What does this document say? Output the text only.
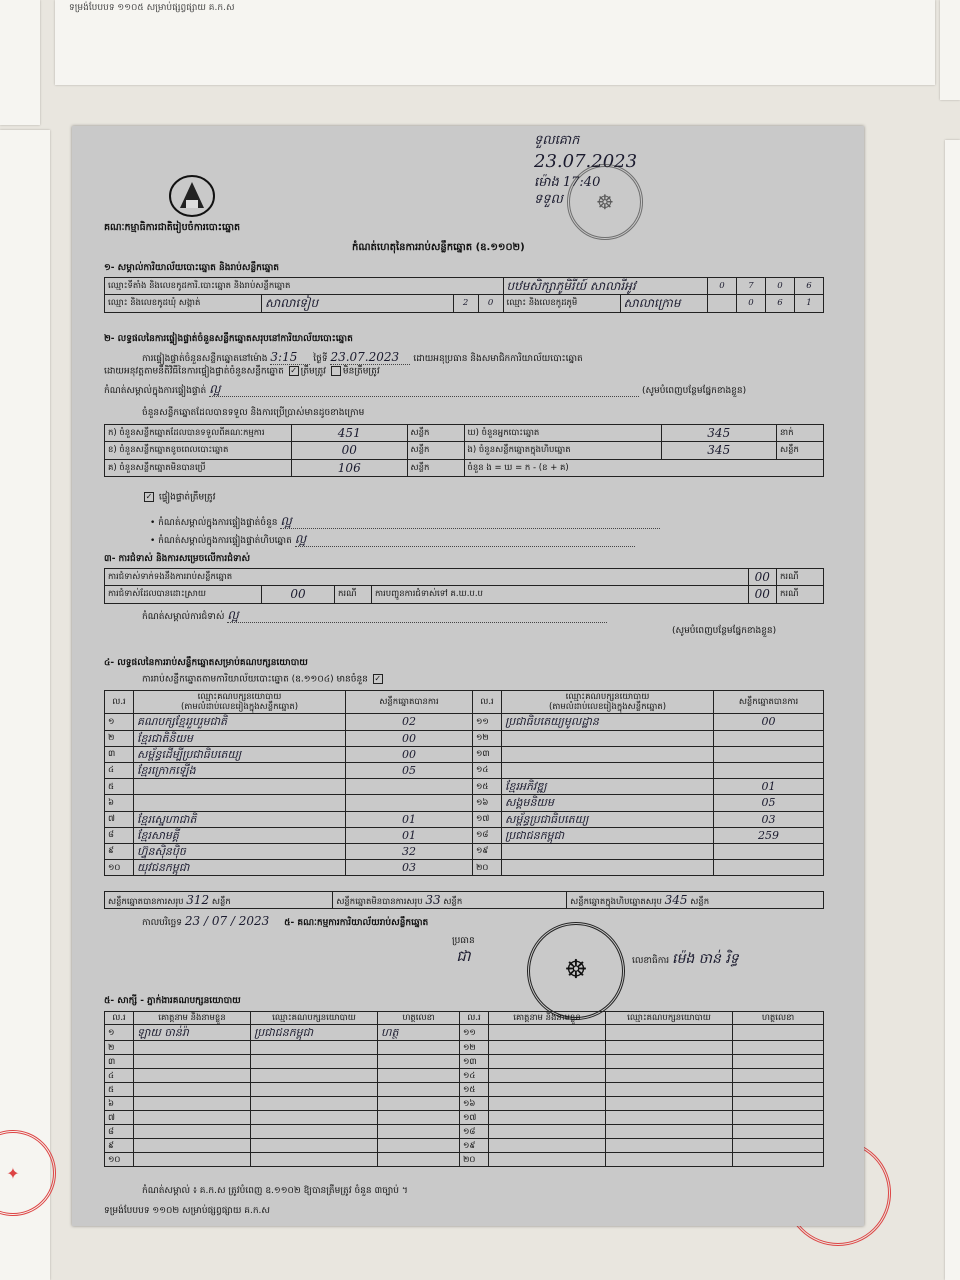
ទម្រង់បែបបទ ១១០៥ សម្រាប់ផ្សព្វផ្សាយ គ.ក.ស
✦
ទួលគោក
23.07.2023
ម៉ោង 17:40
ទទួល	☸
គណៈកម្មាធិការជាតិរៀបចំការបោះឆ្នោត
កំណត់ហេតុនៃការរាប់សន្លឹកឆ្នោត (ឧ.១១០២)
១- សម្គាល់ការិយាល័យបោះឆ្នោត និងរាប់សន្លឹកឆ្នោត
ឈ្មោះទីតាំង និងលេខកូដការិ.បោះឆ្នោត និងរាប់សន្លឹកឆ្នោត				បឋមសិក្សាភូមិរីយ៍ សាលារីអូវ		0	7	0	6
ឈ្មោះ និងលេខកូដឃុំ សង្កាត់	សាលាទៀប	2	0	ឈ្មោះ និងលេខកូដភូមិ	សាលាក្រោម		0	6	1
២- លទ្ធផលនៃការផ្ទៀងផ្ទាត់ចំនួនសន្លឹកឆ្នោតសរុបនៅការិយាល័យបោះឆ្នោត
ការផ្ទៀងផ្ទាត់ចំនួនសន្លឹកឆ្នោតនៅម៉ោង 3:15 ថ្ងៃទី 23.07.2023 ដោយអនុប្រធាន និងសមាជិកការិយាល័យបោះឆ្នោត
ដោយអនុវត្តតាមនីតិវិធីនៃការផ្ទៀងផ្ទាត់ចំនួនសន្លឹកឆ្នោត ✓ ត្រឹមត្រូវ មិនត្រឹមត្រូវ
កំណត់សម្គាល់ក្នុងការផ្ទៀងផ្ទាត់ ល្អ	(សូមបំពេញបន្ថែមផ្នែកខាងខ្លួន)
ចំនួនសន្លឹកឆ្នោតដែលបានទទួល និងការប្រើប្រាស់មានដូចខាងក្រោម
ក) ចំនួនសន្លឹកឆ្នោតដែលបានទទួលពីគណៈកម្មការ	451	សន្លឹក	ឃ) ចំនួនអ្នកបោះឆ្នោត	345	នាក់
ខ) ចំនួនសន្លឹកឆ្នោតខូចពេលបោះឆ្នោត	00	សន្លឹក	ង) ចំនួនសន្លឹកឆ្នោតក្នុងហិបឆ្នោត	345	សន្លឹក
គ) ចំនួនសន្លឹកឆ្នោតមិនបានប្រើ	106	សន្លឹក	ចំនួន ង = ឃ = ក - (ខ + គ)		
✓ ផ្ទៀងផ្ទាត់ត្រឹមត្រូវ
• កំណត់សម្គាល់ក្នុងការផ្ទៀងផ្ទាត់ចំនួន ល្អ
• កំណត់សម្គាល់ក្នុងការផ្ទៀងផ្ទាត់ហិបឆ្នោត ល្អ
៣- ការជំទាស់ និងការសម្រេចលើការជំទាស់
ការជំទាស់ទាក់ទងនឹងការរាប់សន្លឹកឆ្នោត				00	ករណី
ការជំទាស់ដែលបានដោះស្រាយ	00	ករណី	ការបញ្ជូនការជំទាស់ទៅ គ.ឃ.ប.ប	00	ករណី
កំណត់សម្គាល់ការជំទាស់ ល្អ
(សូមបំពេញបន្ថែមផ្នែកខាងខ្លួន)
៤- លទ្ធផលនៃការរាប់សន្លឹកឆ្នោតសម្រាប់គណបក្សនយោបាយ
ការរាប់សន្លឹកឆ្នោតតាមការិយាល័យបោះឆ្នោត (ឧ.១១០៤) មានចំនួន ✓
ល.រ	ឈ្មោះគណបក្សនយោបាយ
(តាមលំដាប់លេខរៀងក្នុងសន្លឹកឆ្នោត)	សន្លឹកឆ្នោតបានការ	ល.រ	ឈ្មោះគណបក្សនយោបាយ
(តាមលំដាប់លេខរៀងក្នុងសន្លឹកឆ្នោត)	សន្លឹកឆ្នោតបានការ
១	គណបក្សខ្មែររួបរួមជាតិ	02	១១	ប្រជាធិបតេយ្យមូលដ្ឋាន	00
២	ខ្មែរជាតិនិយម	00	១២		
៣	សម្ព័ន្ធដើម្បីប្រជាធិបតេយ្យ	00	១៣		
៤	ខ្មែរក្រោកឡើង	05	១៤		
៥			១៥	ខ្មែរអភិវឌ្ឍ	01
៦			១៦	សង្គមនិយម	05
៧	ខ្មែរស្នេហាជាតិ	01	១៧	សម្ព័ន្ធប្រជាធិបតេយ្យ	03
៨	ខ្មែរសាមគ្គី	01	១៨	ប្រជាជនកម្ពុជា	259
៩	ហ្វ៊ុនស៊ិនប៉ិច	32	១៩		
១០	យុវជនកម្ពុជា	03	២០		
សន្លឹកឆ្នោតបានការសរុប 312 សន្លឹក	សន្លឹកឆ្នោតមិនបានការសរុប 33 សន្លឹក	សន្លឹកឆ្នោតក្នុងហិបឆ្នោតសរុប 345 សន្លឹក
កាលបរិច្ឆេទ 23 / 07 / 2023 ៥- គណៈកម្មការការិយាល័យរាប់សន្លឹកឆ្នោត
ប្រធាន
ជា	☸	លេខាធិការ ម៉េង ចាន់ រិទ្ធ
៥- សាក្សី - ភ្នាក់ងារគណបក្សនយោបាយ
ល.រ	គោត្តនាម និងនាមខ្លួន	ឈ្មោះគណបក្សនយោបាយ	ហត្ថលេខា	ល.រ	គោត្តនាម និងនាមខ្លួន	ឈ្មោះគណបក្សនយោបាយ	ហត្ថលេខា
១	ឡាយ ចាន់រ៉ា	ប្រជាជនកម្ពុជា	ហត្ថ	១១			
២				១២			
៣				១៣			
៤				១៤			
៥				១៥			
៦				១៦			
៧				១៧			
៨				១៨			
៩				១៩			
១០				២០			
កំណត់សម្គាល់ ៖ គ.ក.ស ត្រូវបំពេញ ឧ.១១០២ ឱ្យបានត្រឹមត្រូវ ចំនួន ៣ច្បាប់ ។
ទម្រង់បែបបទ ១១០២ សម្រាប់ផ្សព្វផ្សាយ គ.ក.ស
